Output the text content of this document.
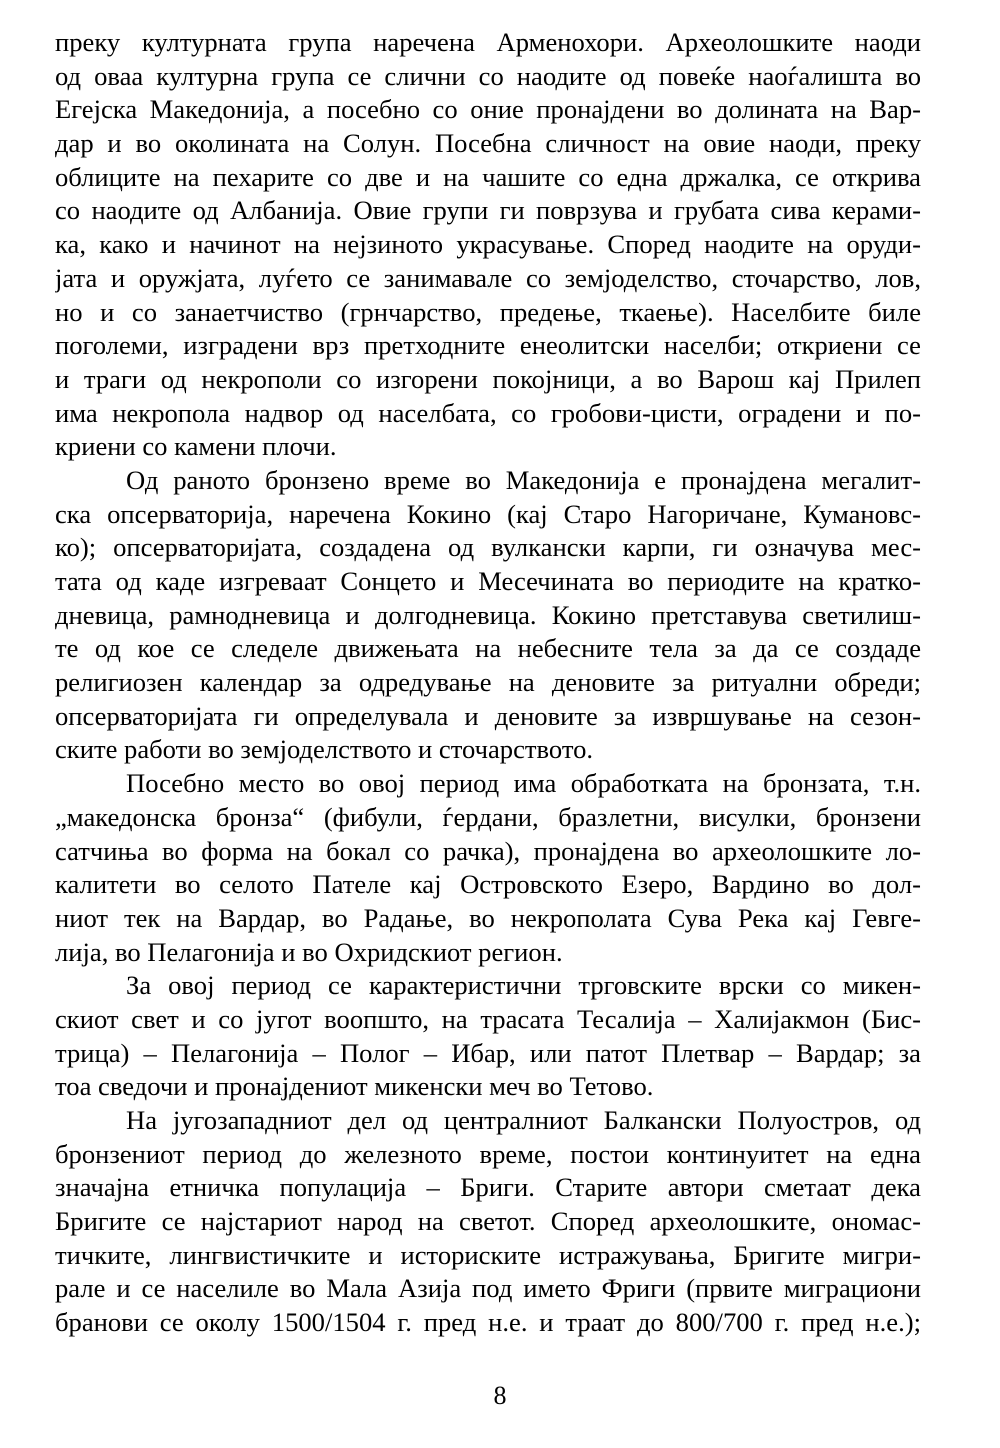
преку културната група наречена Арменохори. Археолошките наоди
од оваа културна група се слични со наодите од повеќе наоѓалишта во
Егејска Македонија, а посебно со оние пронајдени во долината на Вар-
дар и во околината на Солун. Посебна сличност на овие наоди, преку
облиците на пехарите со две и на чашите со една држалка, се открива
со наодите од Албанија. Овие групи ги поврзува и грубата сива керами-
ка, како и начинот на нејзиното украсување. Според наодите на оруди-
јата и оружјата, луѓето се занимавале со земјоделство, сточарство, лов,
но и со занаетчиство (грнчарство, предење, ткаење). Населбите биле
поголеми, изградени врз претходните енеолитски населби; откриени се
и траги од некрополи со изгорени покојници, а во Варош кај Прилеп
има некропола надвор од населбата, со гробови-цисти, оградени и по-
криени со камени плочи.
Од раното бронзено време во Македонија е пронајдена мегалит-
ска опсерваторија, наречена Кокино (кај Старо Нагоричане, Кумановс-
ко); опсерваторијата, создадена од вулкански карпи, ги означува мес-
тата од каде изгреваат Сонцето и Месечината во периодите на кратко-
дневица, рамнодневица и долгодневица. Кокино претставува светилиш-
те од кое се следеле движењата на небесните тела за да се создаде
религиозен календар за одредување на деновите за ритуални обреди;
опсерваторијата ги определувала и деновите за извршување на сезон-
ските работи во земјоделството и сточарството.
Посебно место во овој период има обработката на бронзата, т.н.
„македонска бронза“ (фибули, ѓердани, бразлетни, висулки, бронзени
сатчиња во форма на бокал со рачка), пронајдена во археолошките ло-
калитети во селото Пателе кај Островското Езеро, Вардино во дол-
ниот тек на Вардар, во Радање, во некрополата Сува Река кај Гевге-
лија, во Пелагонија и во Охридскиот регион.
За овој период се карактеристични трговските врски со микен-
скиот свет и со југот воопшто, на трасата Тесалија – Халијакмон (Бис-
трица) – Пелагонија – Полог – Ибар, или патот Плетвар – Вардар; за
тоа сведочи и пронајдениот микенски меч во Тетово.
На југозападниот дел од централниот Балкански Полуостров, од
бронзениот период до железното време, постои континуитет на една
значајна етничка популација – Бриги. Старите автори сметаат дека
Бригите се најстариот народ на светот. Според археолошките, ономас-
тичките, лингвистичките и историските истражувања, Бригите мигри-
рале и се населиле во Мала Азија под името Фриги (првите миграциони
бранови се околу 1500/1504 г. пред н.е. и траат до 800/700 г. пред н.е.);
8
